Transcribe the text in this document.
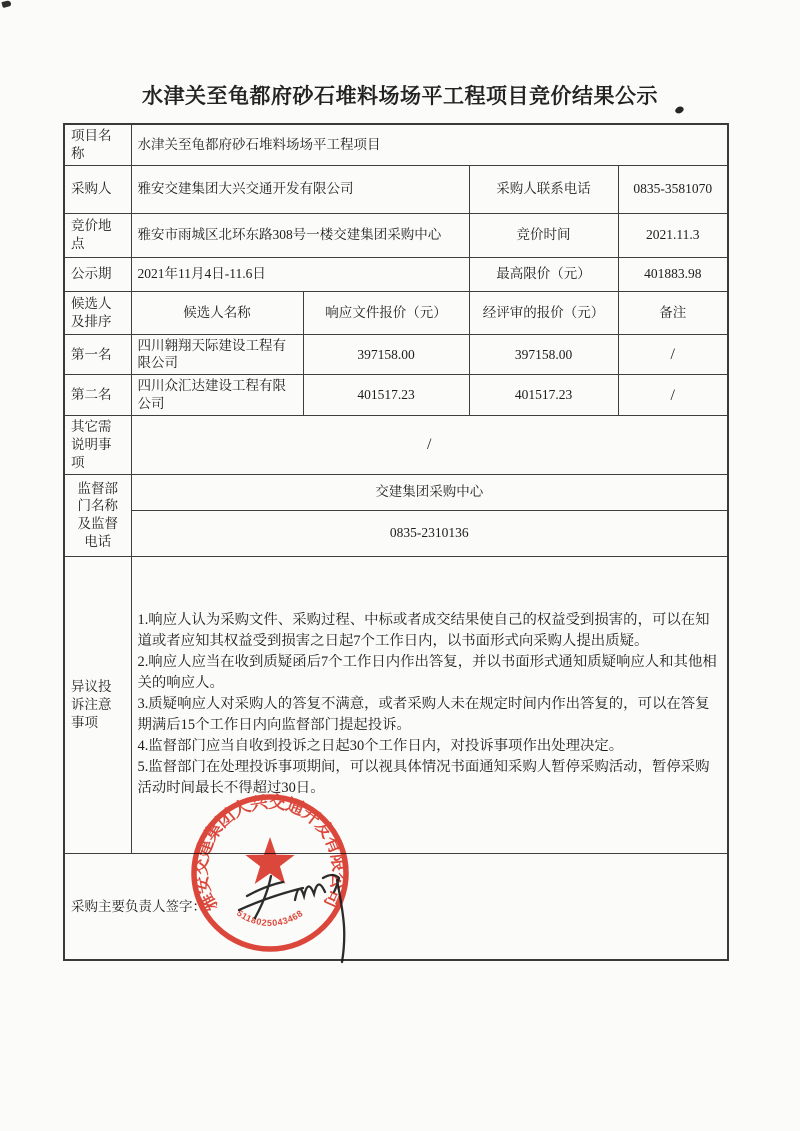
水津关至龟都府砂石堆料场场平工程项目竞价结果公示
项目名称	水津关至龟都府砂石堆料场场平工程项目			
采购人	雅安交建集团大兴交通开发有限公司		采购人联系电话	0835-3581070
竞价地点	雅安市雨城区北环东路308号一楼交建集团采购中心		竞价时间	2021.11.3
公示期	2021年11月4日-11.6日		最高限价（元）	401883.98
候选人及排序	候选人名称	响应文件报价（元）	经评审的报价（元）	备注
第一名	四川翱翔天际建设工程有限公司	397158.00	397158.00	/
第二名	四川众汇达建设工程有限公司	401517.23	401517.23	/
其它需说明事项	/			
监督部门名称及监督电话	交建集团采购中心			
	0835-2310136			
异议投诉注意事项	1.响应人认为采购文件、采购过程、中标或者成交结果使自己的权益受到损害的，可以在知道或者应知其权益受到损害之日起7个工作日内，以书面形式向采购人提出质疑。

2.响应人应当在收到质疑函后7个工作日内作出答复，并以书面形式通知质疑响应人和其他相关的响应人。

3.质疑响应人对采购人的答复不满意，或者采购人未在规定时间内作出答复的，可以在答复期满后15个工作日内向监督部门提起投诉。

4.监督部门应当自收到投诉之日起30个工作日内，对投诉事项作出处理决定。

5.监督部门在处理投诉事项期间，可以视具体情况书面通知采购人暂停采购活动，暂停采购活动时间最长不得超过30日。			

采购主要负责人签字：				
雅安交建集团大兴交通开发有限公司
5118025043468
